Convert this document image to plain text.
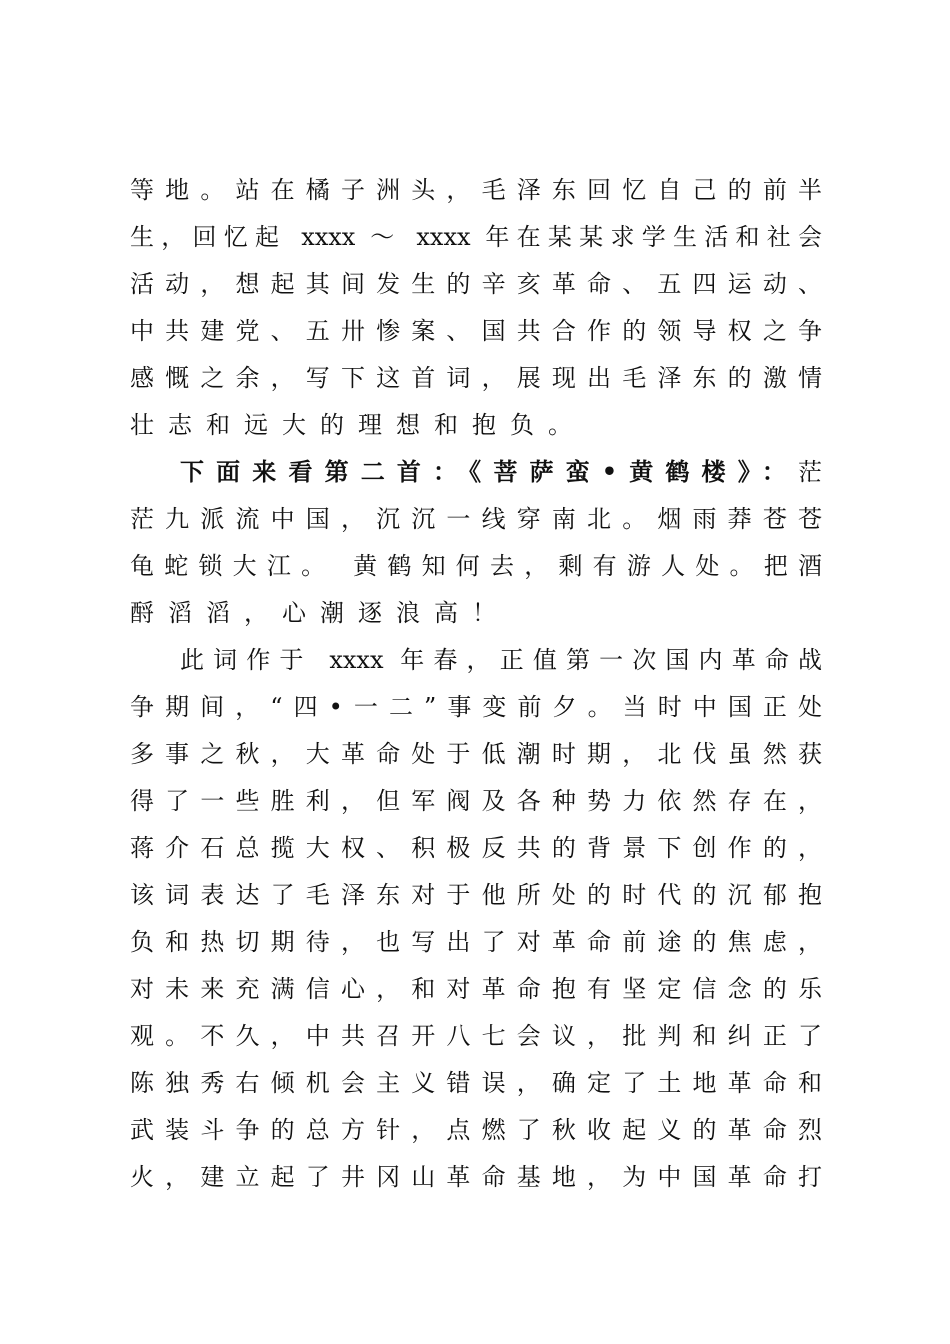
等地。站在橘子洲头，毛泽东回忆自己的前半
生，回忆起 xxxx ～ xxxx 年在某某求学生活和社会
活动，想起其间发生的辛亥革命、五四运动、
中共建党、五卅惨案、国共合作的领导权之争
感慨之余，写下这首词，展现出毛泽东的激情
壮志和远大的理想和抱负。
下面来看第二首：《菩萨蛮•黄鹤楼》：茫
茫九派流中国，沉沉一线穿南北。烟雨莽苍苍
龟蛇锁大江。 黄鹤知何去，剩有游人处。把酒
酹滔滔，心潮逐浪高！
此词作于 xxxx 年春，正值第一次国内革命战
争期间，“四•一二”事变前夕。当时中国正处
多事之秋，大革命处于低潮时期，北伐虽然获
得了一些胜利，但军阀及各种势力依然存在，
蒋介石总揽大权、积极反共的背景下创作的，
该词表达了毛泽东对于他所处的时代的沉郁抱
负和热切期待，也写出了对革命前途的焦虑，
对未来充满信心，和对革命抱有坚定信念的乐
观。不久，中共召开八七会议，批判和纠正了
陈独秀右倾机会主义错误，确定了土地革命和
武装斗争的总方针，点燃了秋收起义的革命烈
火，建立起了井冈山革命基地，为中国革命打
